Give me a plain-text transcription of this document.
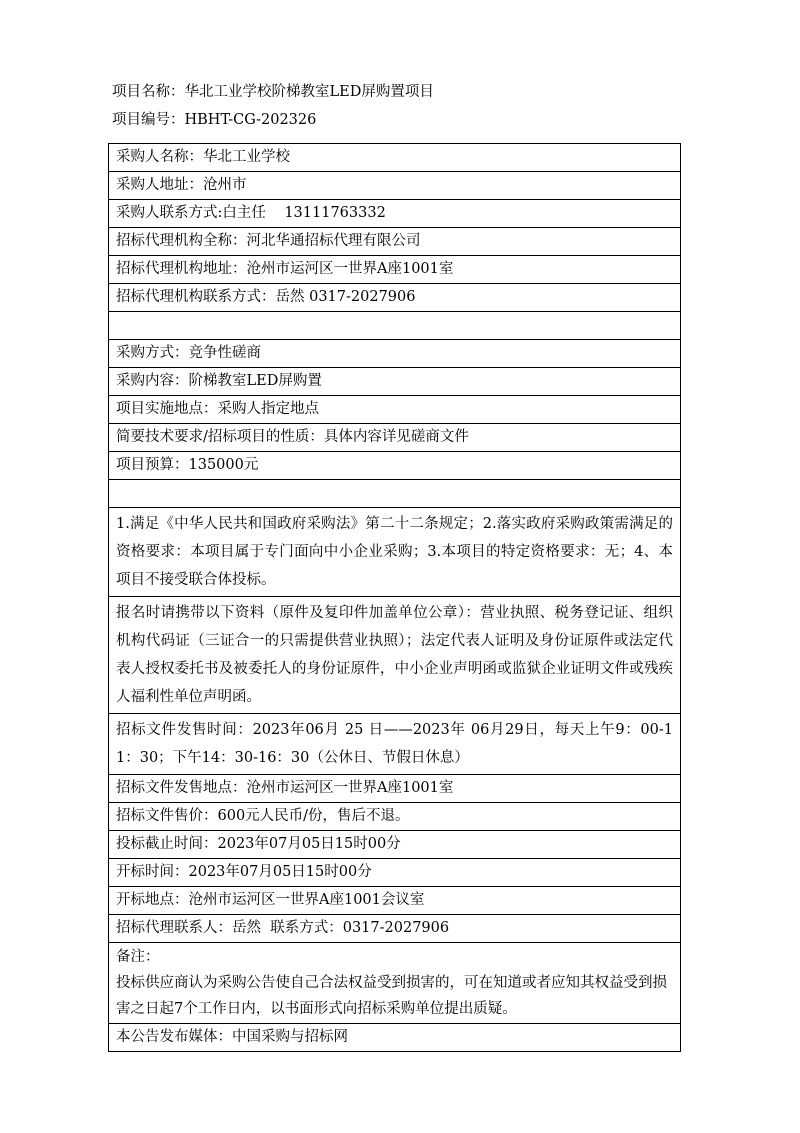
项目名称：华北工业学校阶梯教室LED屏购置项目
项目编号：HBHT-CG-202326
采购人名称：华北工业学校
采购人地址：沧州市
采购人联系方式:白主任    13111763332
招标代理机构全称：河北华通招标代理有限公司
招标代理机构地址：沧州市运河区一世界A座1001室
招标代理机构联系方式：岳然 0317-2027906

采购方式：竞争性磋商
采购内容：阶梯教室LED屏购置
项目实施地点：采购人指定地点
简要技术要求/招标项目的性质：具体内容详见磋商文件
项目预算：135000元

1.满足《中华人民共和国政府采购法》第二十二条规定；2.落实政府采购政策需满足的资格要求：本项目属于专门面向中小企业采购；3.本项目的特定资格要求：无；4、本项目不接受联合体投标。
报名时请携带以下资料（原件及复印件加盖单位公章）：营业执照、税务登记证、组织机构代码证（三证合一的只需提供营业执照）；法定代表人证明及身份证原件或法定代表人授权委托书及被委托人的身份证原件，中小企业声明函或监狱企业证明文件或残疾人福利性单位声明函。
招标文件发售时间：2023年06月 25 日——2023年 06月29日，每天上午9：00-11：30；下午14：30-16：30（公休日、节假日休息）
招标文件发售地点：沧州市运河区一世界A座1001室
招标文件售价：600元人民币/份，售后不退。
投标截止时间：2023年07月05日15时00分
开标时间：2023年07月05日15时00分
开标地点：沧州市运河区一世界A座1001会议室
招标代理联系人：岳然  联系方式：0317-2027906

备注：
投标供应商认为采购公告使自己合法权益受到损害的，可在知道或者应知其权益受到损害之日起7个工作日内，以书面形式向招标采购单位提出质疑。

本公告发布媒体：中国采购与招标网
